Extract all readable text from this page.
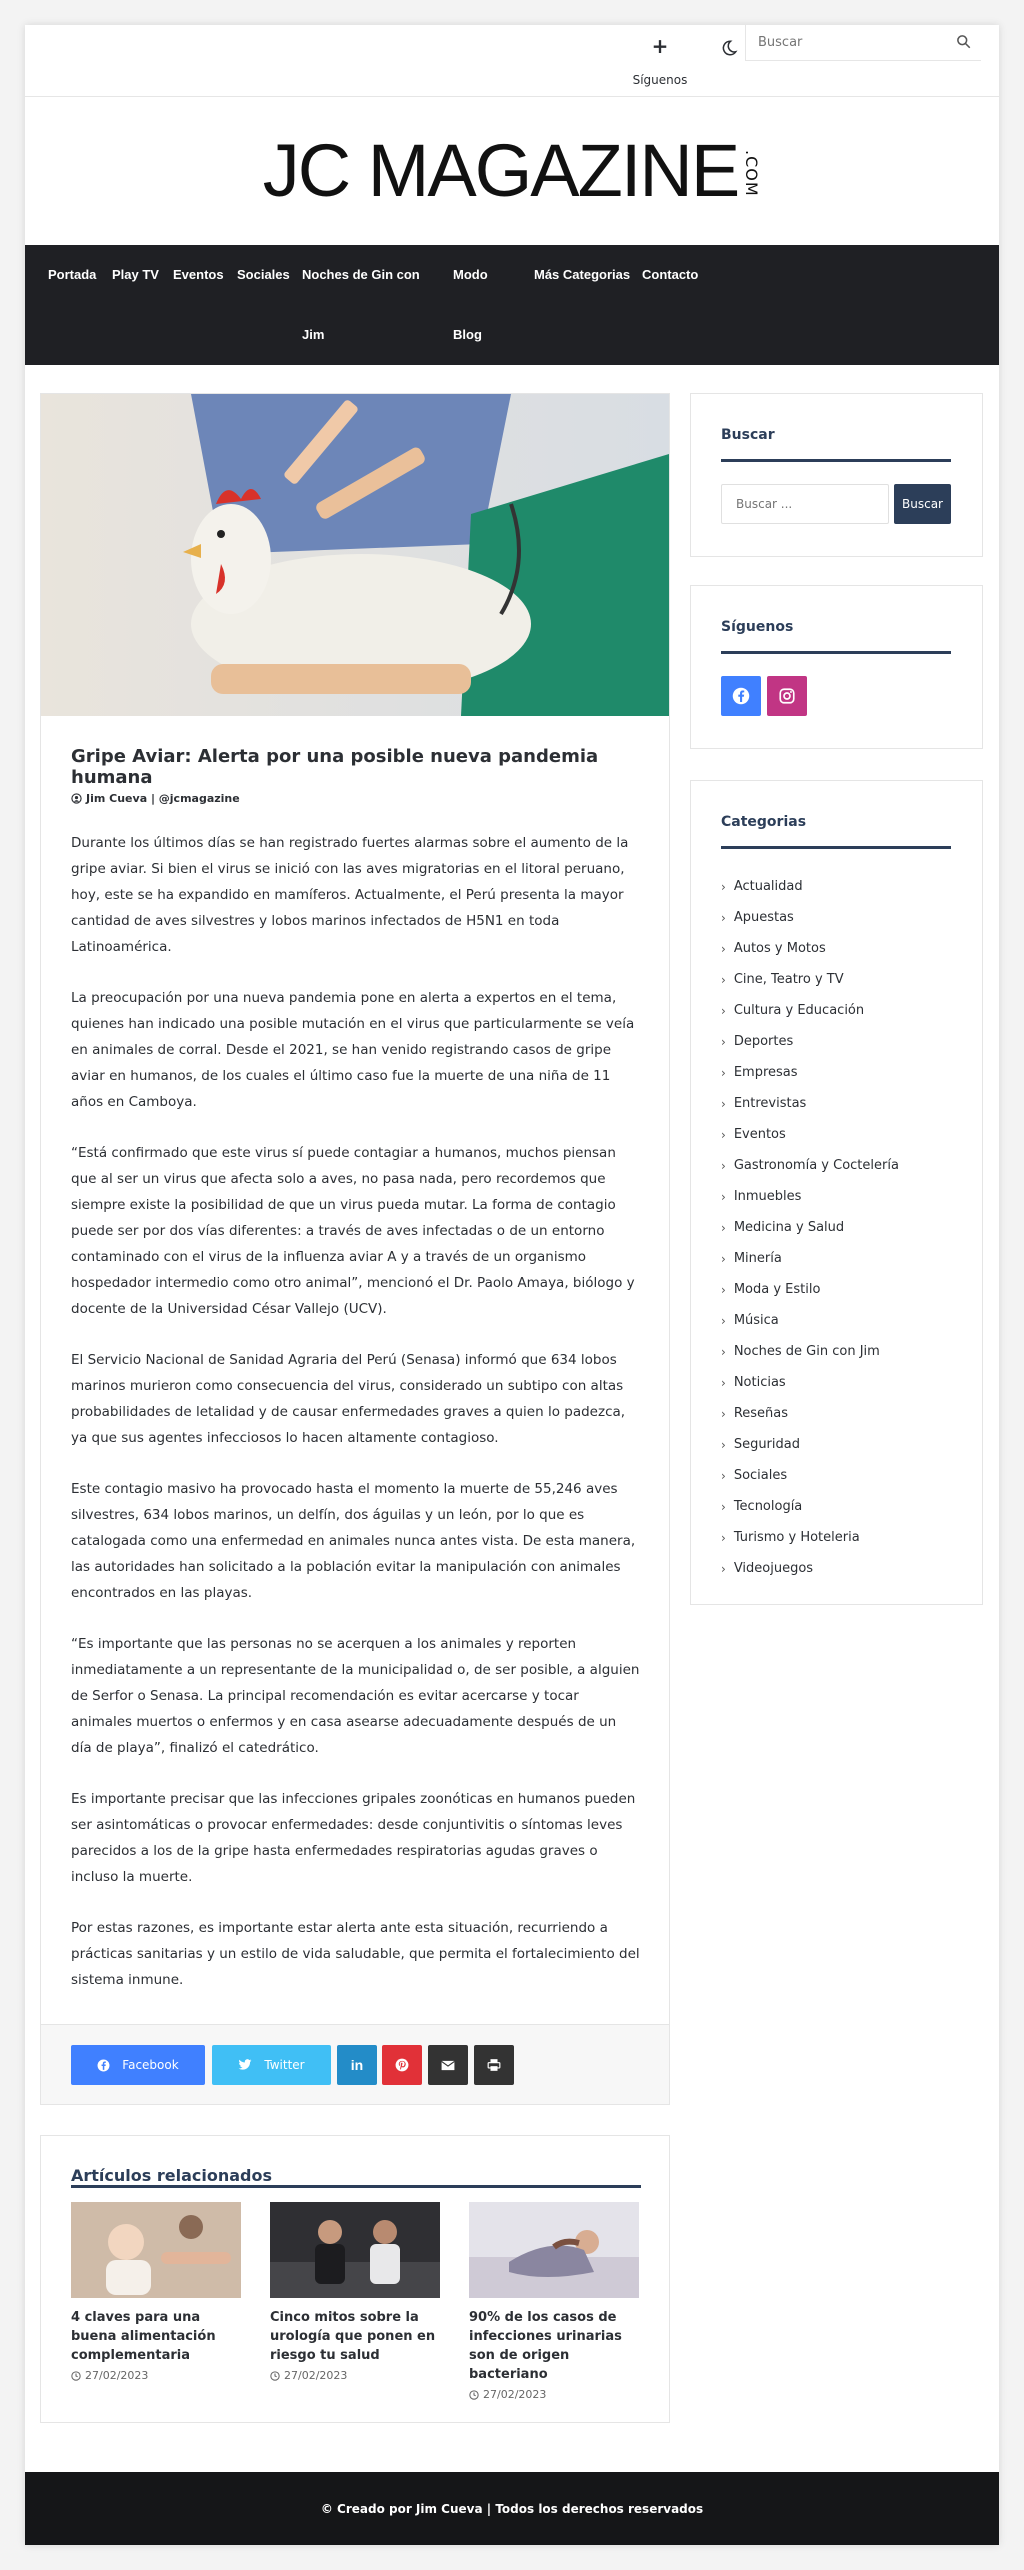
+
Síguenos
Buscar
JC MAGAZINE .COM
Portada Play TV Eventos Sociales Noches de Gin con
Jim
Modo
Blog
Más Categorias Contacto
Gripe Aviar: Alerta por una posible nueva pandemia humana
Jim Cueva | @jcmagazine

Durante los últimos días se han registrado fuertes alarmas sobre el aumento de la gripe aviar. Si bien el virus se inició con las aves migratorias en el litoral peruano, hoy, este se ha expandido en mamíferos. Actualmente, el Perú presenta la mayor cantidad de aves silvestres y lobos marinos infectados de H5N1 en toda Latinoamérica.

La preocupación por una nueva pandemia pone en alerta a expertos en el tema, quienes han indicado una posible mutación en el virus que particularmente se veía en animales de corral. Desde el 2021, se han venido registrando casos de gripe aviar en humanos, de los cuales el último caso fue la muerte de una niña de 11 años en Camboya.

“Está confirmado que este virus sí puede contagiar a humanos, muchos piensan que al ser un virus que afecta solo a aves, no pasa nada, pero recordemos que siempre existe la posibilidad de que un virus pueda mutar. La forma de contagio puede ser por dos vías diferentes: a través de aves infectadas o de un entorno contaminado con el virus de la influenza aviar A y a través de un organismo hospedador intermedio como otro animal”, mencionó el Dr. Paolo Amaya, biólogo y docente de la Universidad César Vallejo (UCV).

El Servicio Nacional de Sanidad Agraria del Perú (Senasa) informó que 634 lobos marinos murieron como consecuencia del virus, considerado un subtipo con altas probabilidades de letalidad y de causar enfermedades graves a quien lo padezca, ya que sus agentes infecciosos lo hacen altamente contagioso.

Este contagio masivo ha provocado hasta el momento la muerte de 55,246 aves silvestres, 634 lobos marinos, un delfín, dos águilas y un león, por lo que es catalogada como una enfermedad en animales nunca antes vista. De esta manera, las autoridades han solicitado a la población evitar la manipulación con animales encontrados en las playas.

“Es importante que las personas no se acerquen a los animales y reporten inmediatamente a un representante de la municipalidad o, de ser posible, a alguien de Serfor o Senasa. La principal recomendación es evitar acercarse y tocar animales muertos o enfermos y en casa asearse adecuadamente después de un día de playa”, finalizó el catedrático.

Es importante precisar que las infecciones gripales zoonóticas en humanos pueden ser asintomáticas o provocar enfermedades: desde conjuntivitis o síntomas leves parecidos a los de la gripe hasta enfermedades respiratorias agudas graves o incluso la muerte.

Por estas razones, es importante estar alerta ante esta situación, recurriendo a prácticas sanitarias y un estilo de vida saludable, que permita el fortalecimiento del sistema inmune.

Facebook	Twitter	in
Artículos relacionados
4 claves para una buena alimentación complementaria
27/02/2023
Cinco mitos sobre la urología que ponen en riesgo tu salud
27/02/2023
90% de los casos de infecciones urinarias son de origen bacteriano
27/02/2023
Buscar
Buscar ...
Buscar
Síguenos
Categorias
› Actualidad
› Apuestas
› Autos y Motos
› Cine, Teatro y TV
› Cultura y Educación
› Deportes
› Empresas
› Entrevistas
› Eventos
› Gastronomía y Coctelería
› Inmuebles
› Medicina y Salud
› Minería
› Moda y Estilo
› Música
› Noches de Gin con Jim
› Noticias
› Reseñas
› Seguridad
› Sociales
› Tecnología
› Turismo y Hoteleria
› Videojuegos
© Creado por Jim Cueva | Todos los derechos reservados
